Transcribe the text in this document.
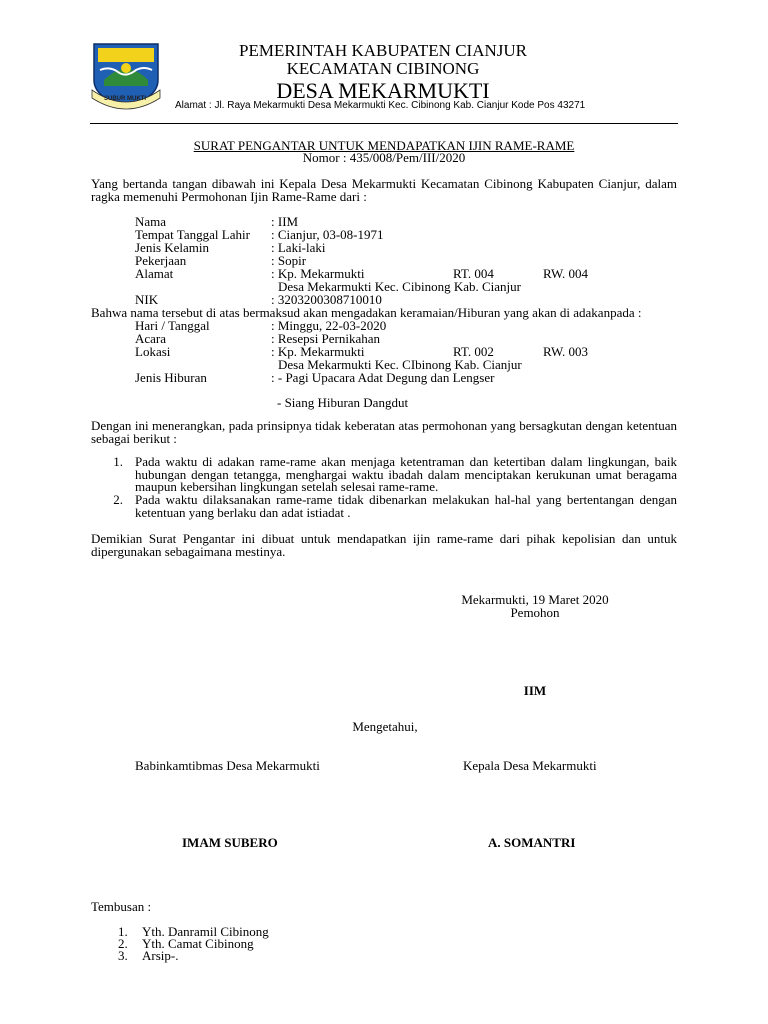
SUBUR MUKTI
PEMERINTAH KABUPATEN CIANJUR
KECAMATAN CIBINONG
DESA MEKARMUKTI
Alamat : Jl. Raya Mekarmukti Desa Mekarmukti Kec. Cibinong Kab. Cianjur Kode Pos 43271
SURAT PENGANTAR UNTUK MENDAPATKAN IJIN RAME-RAME
Nomor : 435/008/Pem/III/2020
Yang bertanda tangan dibawah ini Kepala Desa Mekarmukti Kecamatan Cibinong Kabupaten Cianjur, dalam ragka memenuhi Permohonan Ijin Rame-Rame dari :
Nama	: IIM
Tempat Tanggal Lahir : Cianjur, 03-08-1971
Jenis Kelamin	: Laki-laki
Pekerjaan	: Sopir
Alamat	: Kp. Mekarmukti	RT. 004	RW. 004
Desa Mekarmukti Kec. Cibinong Kab. Cianjur
NIK	: 3203200308710010
Bahwa nama tersebut di atas bermaksud akan mengadakan keramaian/Hiburan yang akan di adakanpada :
Hari / Tanggal	: Minggu, 22-03-2020
Acara	: Resepsi Pernikahan
Lokasi	: Kp. Mekarmukti	RT. 002	RW. 003
Desa Mekarmukti Kec. CIbinong Kab. Cianjur
Jenis Hiburan	: - Pagi Upacara Adat Degung dan Lengser
- Siang Hiburan Dangdut
Dengan ini menerangkan, pada prinsipnya tidak keberatan atas permohonan yang bersagkutan dengan ketentuan sebagai berikut :
1. Pada waktu di adakan rame-rame akan menjaga ketentraman dan ketertiban dalam lingkungan, baik hubungan dengan tetangga, menghargai waktu ibadah dalam menciptakan kerukunan umat beragama maupun kebersihan lingkungan setelah selesai rame-rame.
2. Pada waktu dilaksanakan rame-rame tidak dibenarkan melakukan hal-hal yang bertentangan dengan ketentuan yang berlaku dan adat istiadat .
Demikian Surat Pengantar ini dibuat untuk mendapatkan ijin rame-rame dari pihak kepolisian dan untuk dipergunakan sebagaimana mestinya.
Mekarmukti, 19 Maret 2020
Pemohon
IIM
Mengetahui,
Babinkamtibmas Desa Mekarmukti	Kepala Desa Mekarmukti
IMAM SUBERO	A. SOMANTRI
Tembusan :
1. Yth. Danramil Cibinong
2. Yth. Camat Cibinong
3. Arsip-.
